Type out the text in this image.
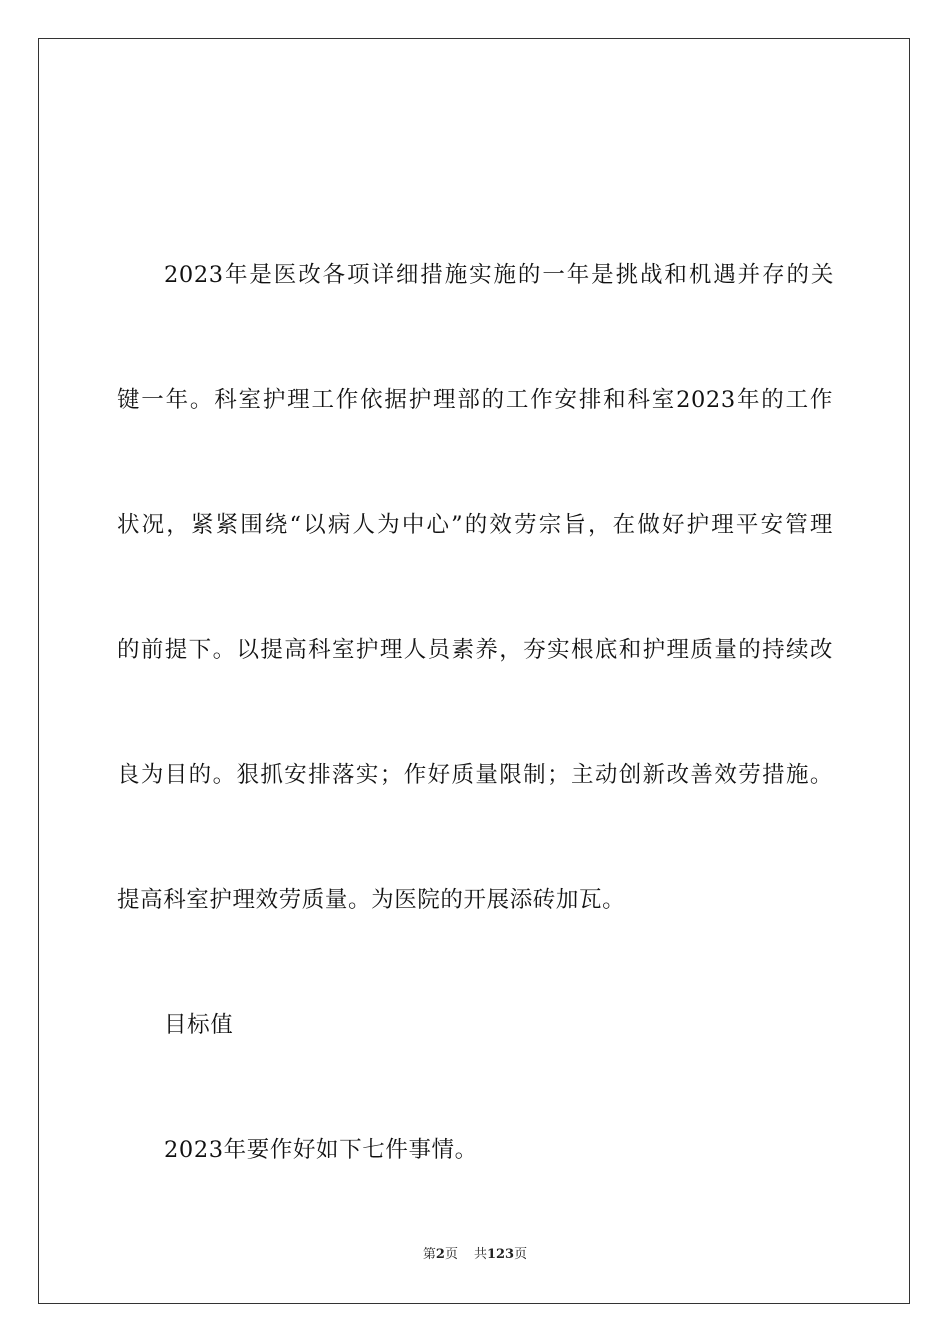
2023年是医改各项详细措施实施的一年是挑战和机遇并存的关
键一年。科室护理工作依据护理部的工作安排和科室2023年的工作
状况，紧紧围绕“以病人为中心”的效劳宗旨，在做好护理平安管理
的前提下。以提高科室护理人员素养，夯实根底和护理质量的持续改
良为目的。狠抓安排落实；作好质量限制；主动创新改善效劳措施。
提高科室护理效劳质量。为医院的开展添砖加瓦。
目标值
2023年要作好如下七件事情。
第2页 共123页
